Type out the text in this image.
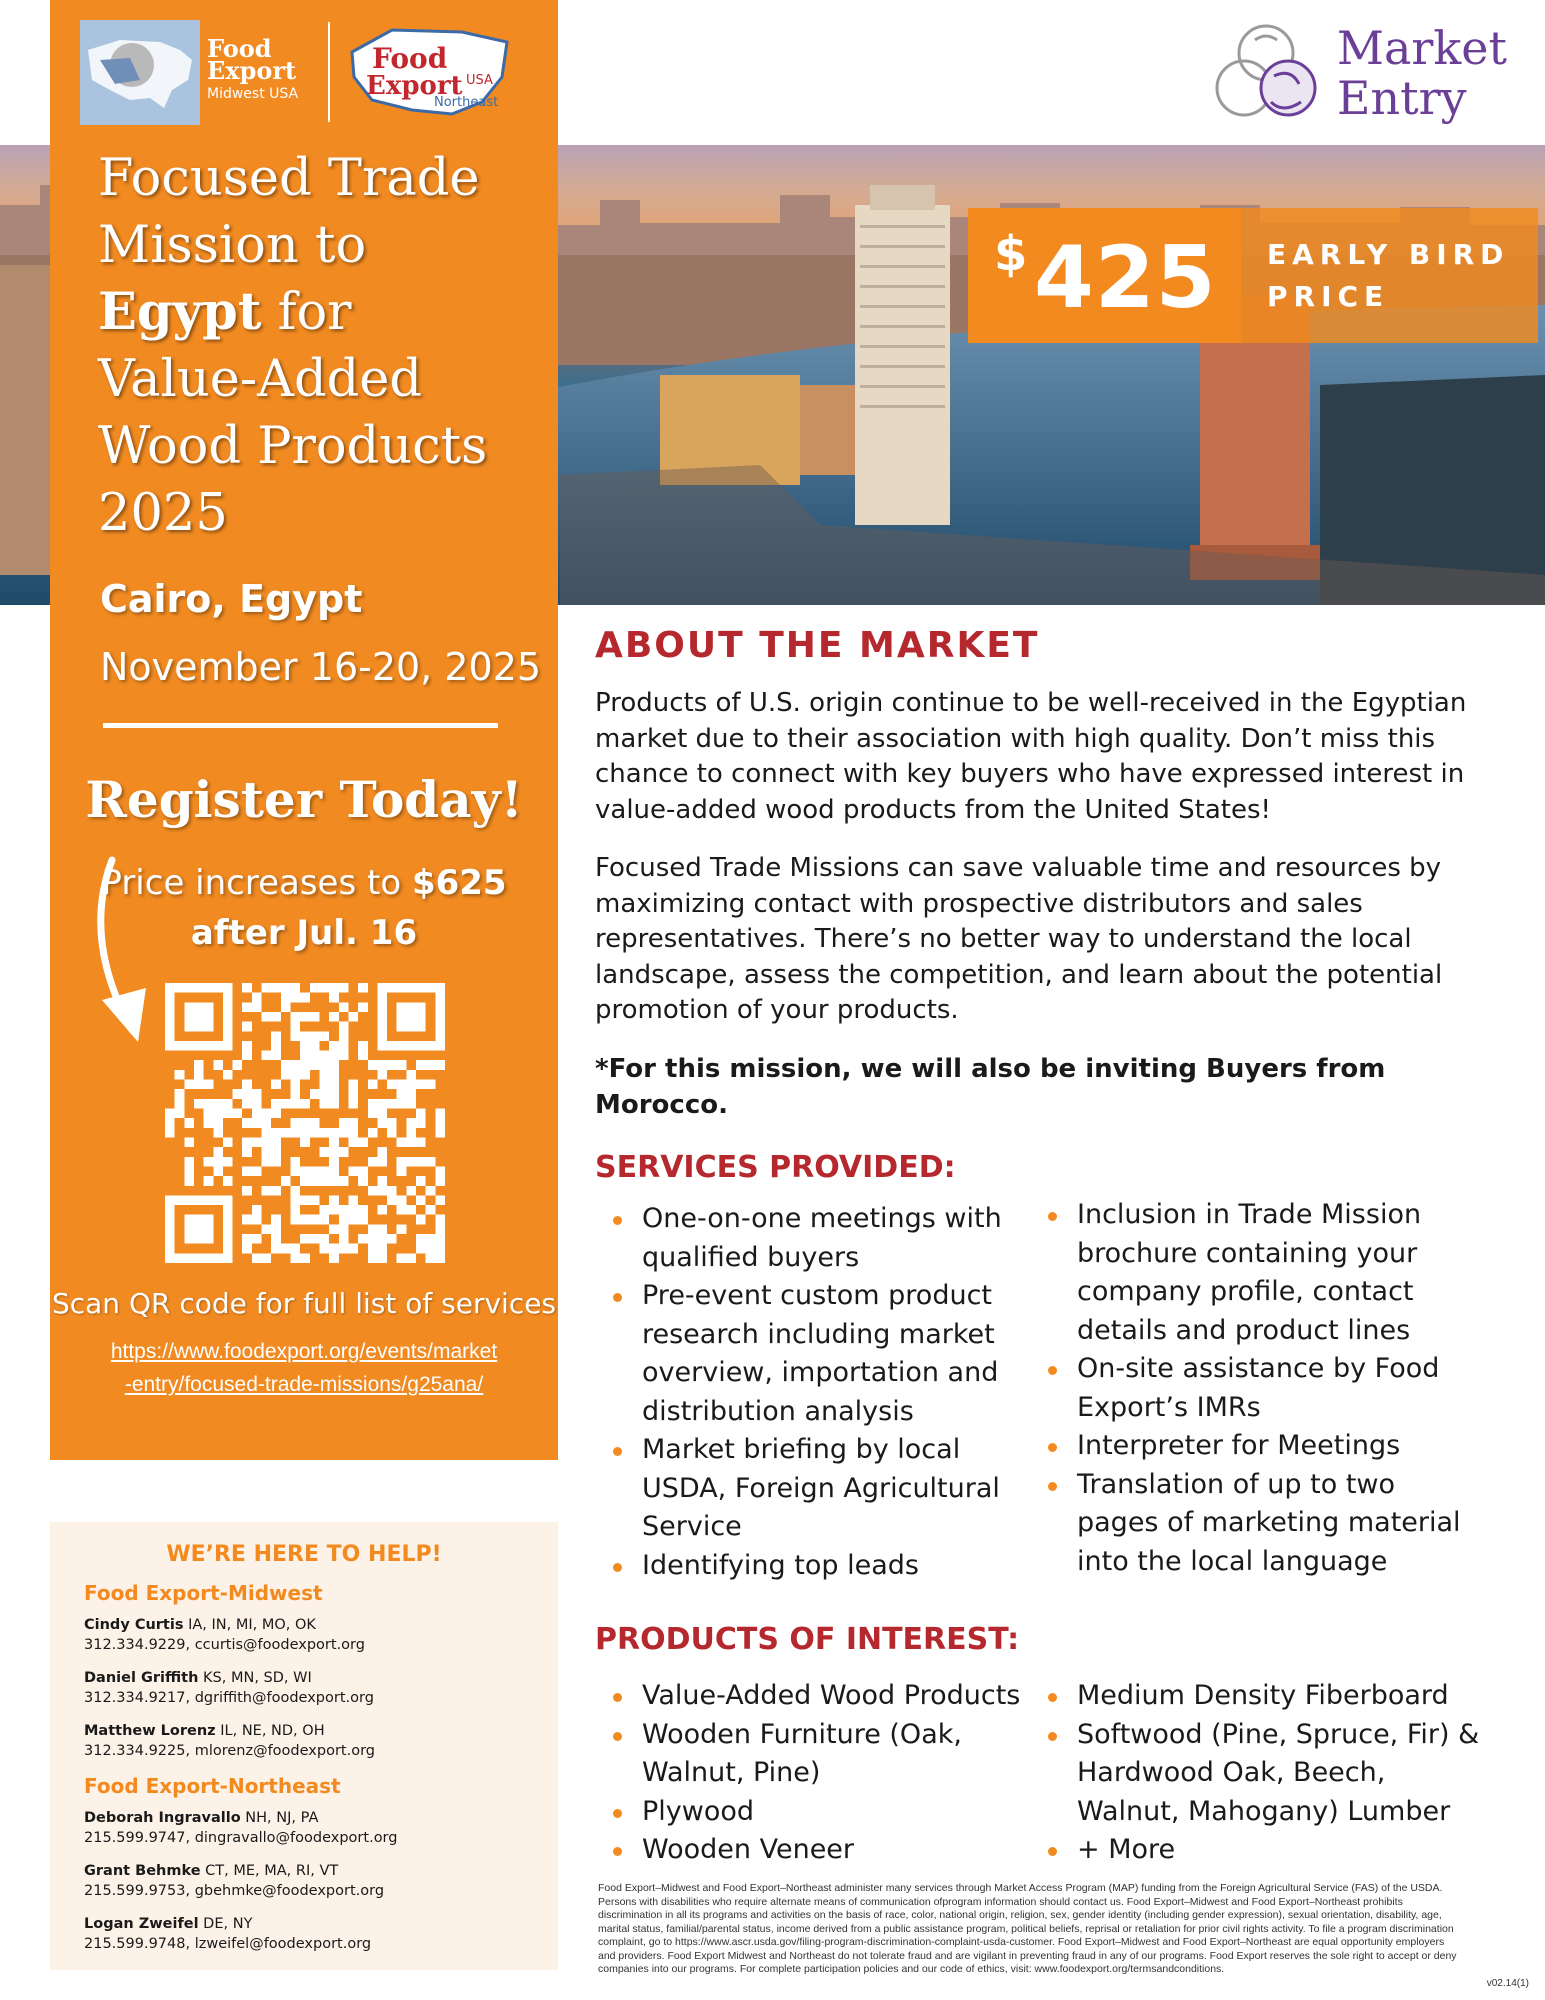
Market
Entry
$ 425 EARLY BIRD
PRICE
Food
Export
Midwest USA
Food
Export USA
Northeast
Focused Trade
Mission to
Egypt for
Value-Added
Wood Products
2025
Cairo, Egypt
November 16-20, 2025
Register Today!
Price increases to $625
after Jul. 16
Scan QR code for full list of services
https://www.foodexport.org/events/market
-entry/focused-trade-missions/g25ana/
WE’RE HERE TO HELP!
Food Export-Midwest
Cindy Curtis IA, IN, MI, MO, OK
312.334.9229, ccurtis@foodexport.org
Daniel Griffith KS, MN, SD, WI
312.334.9217, dgriffith@foodexport.org
Matthew Lorenz IL, NE, ND, OH
312.334.9225, mlorenz@foodexport.org
Food Export-Northeast
Deborah Ingravallo NH, NJ, PA
215.599.9747, dingravallo@foodexport.org
Grant Behmke CT, ME, MA, RI, VT
215.599.9753, gbehmke@foodexport.org
Logan Zweifel DE, NY
215.599.9748, lzweifel@foodexport.org
ABOUT THE MARKET
Products of U.S. origin continue to be well-received in the Egyptian market due to their association with high quality. Don’t miss this chance to connect with key buyers who have expressed interest in value-added wood products from the United States!
Focused Trade Missions can save valuable time and resources by maximizing contact with prospective distributors and sales representatives. There’s no better way to understand the local landscape, assess the competition, and learn about the potential promotion of your products.
*For this mission, we will also be inviting Buyers from Morocco.
SERVICES PROVIDED:
One-on-one meetings with qualified buyers
Pre-event custom product research including market overview, importation and distribution analysis
Market briefing by local USDA, Foreign Agricultural Service
Identifying top leads
Inclusion in Trade Mission brochure containing your company profile, contact details and product lines
On-site assistance by Food Export’s IMRs
Interpreter for Meetings
Translation of up to two pages of marketing material into the local language
PRODUCTS OF INTEREST:
Value-Added Wood Products
Wooden Furniture (Oak, Walnut, Pine)
Plywood
Wooden Veneer
Medium Density Fiberboard
Softwood (Pine, Spruce, Fir) & Hardwood Oak, Beech, Walnut, Mahogany) Lumber
+ More
Food Export–Midwest and Food Export–Northeast administer many services through Market Access Program (MAP) funding from the Foreign Agricultural Service (FAS) of the USDA. Persons with disabilities who require alternate means of communication ofprogram information should contact us. Food Export–Midwest and Food Export–Northeast prohibits discrimination in all its programs and activities on the basis of race, color, national origin, religion, sex, gender identity (including gender expression), sexual orientation, disability, age, marital status, familial/parental status, income derived from a public assistance program, political beliefs, reprisal or retaliation for prior civil rights activity. To file a program discrimination complaint, go to https://www.ascr.usda.gov/filing-program-discrimination-complaint-usda-customer. Food Export–Midwest and Food Export–Northeast are equal opportunity employers and providers. Food Export Midwest and Northeast do not tolerate fraud and are vigilant in preventing fraud in any of our programs. Food Export reserves the sole right to accept or deny companies into our programs. For complete participation policies and our code of ethics, visit: www.foodexport.org/termsandconditions.
v02.14(1)
